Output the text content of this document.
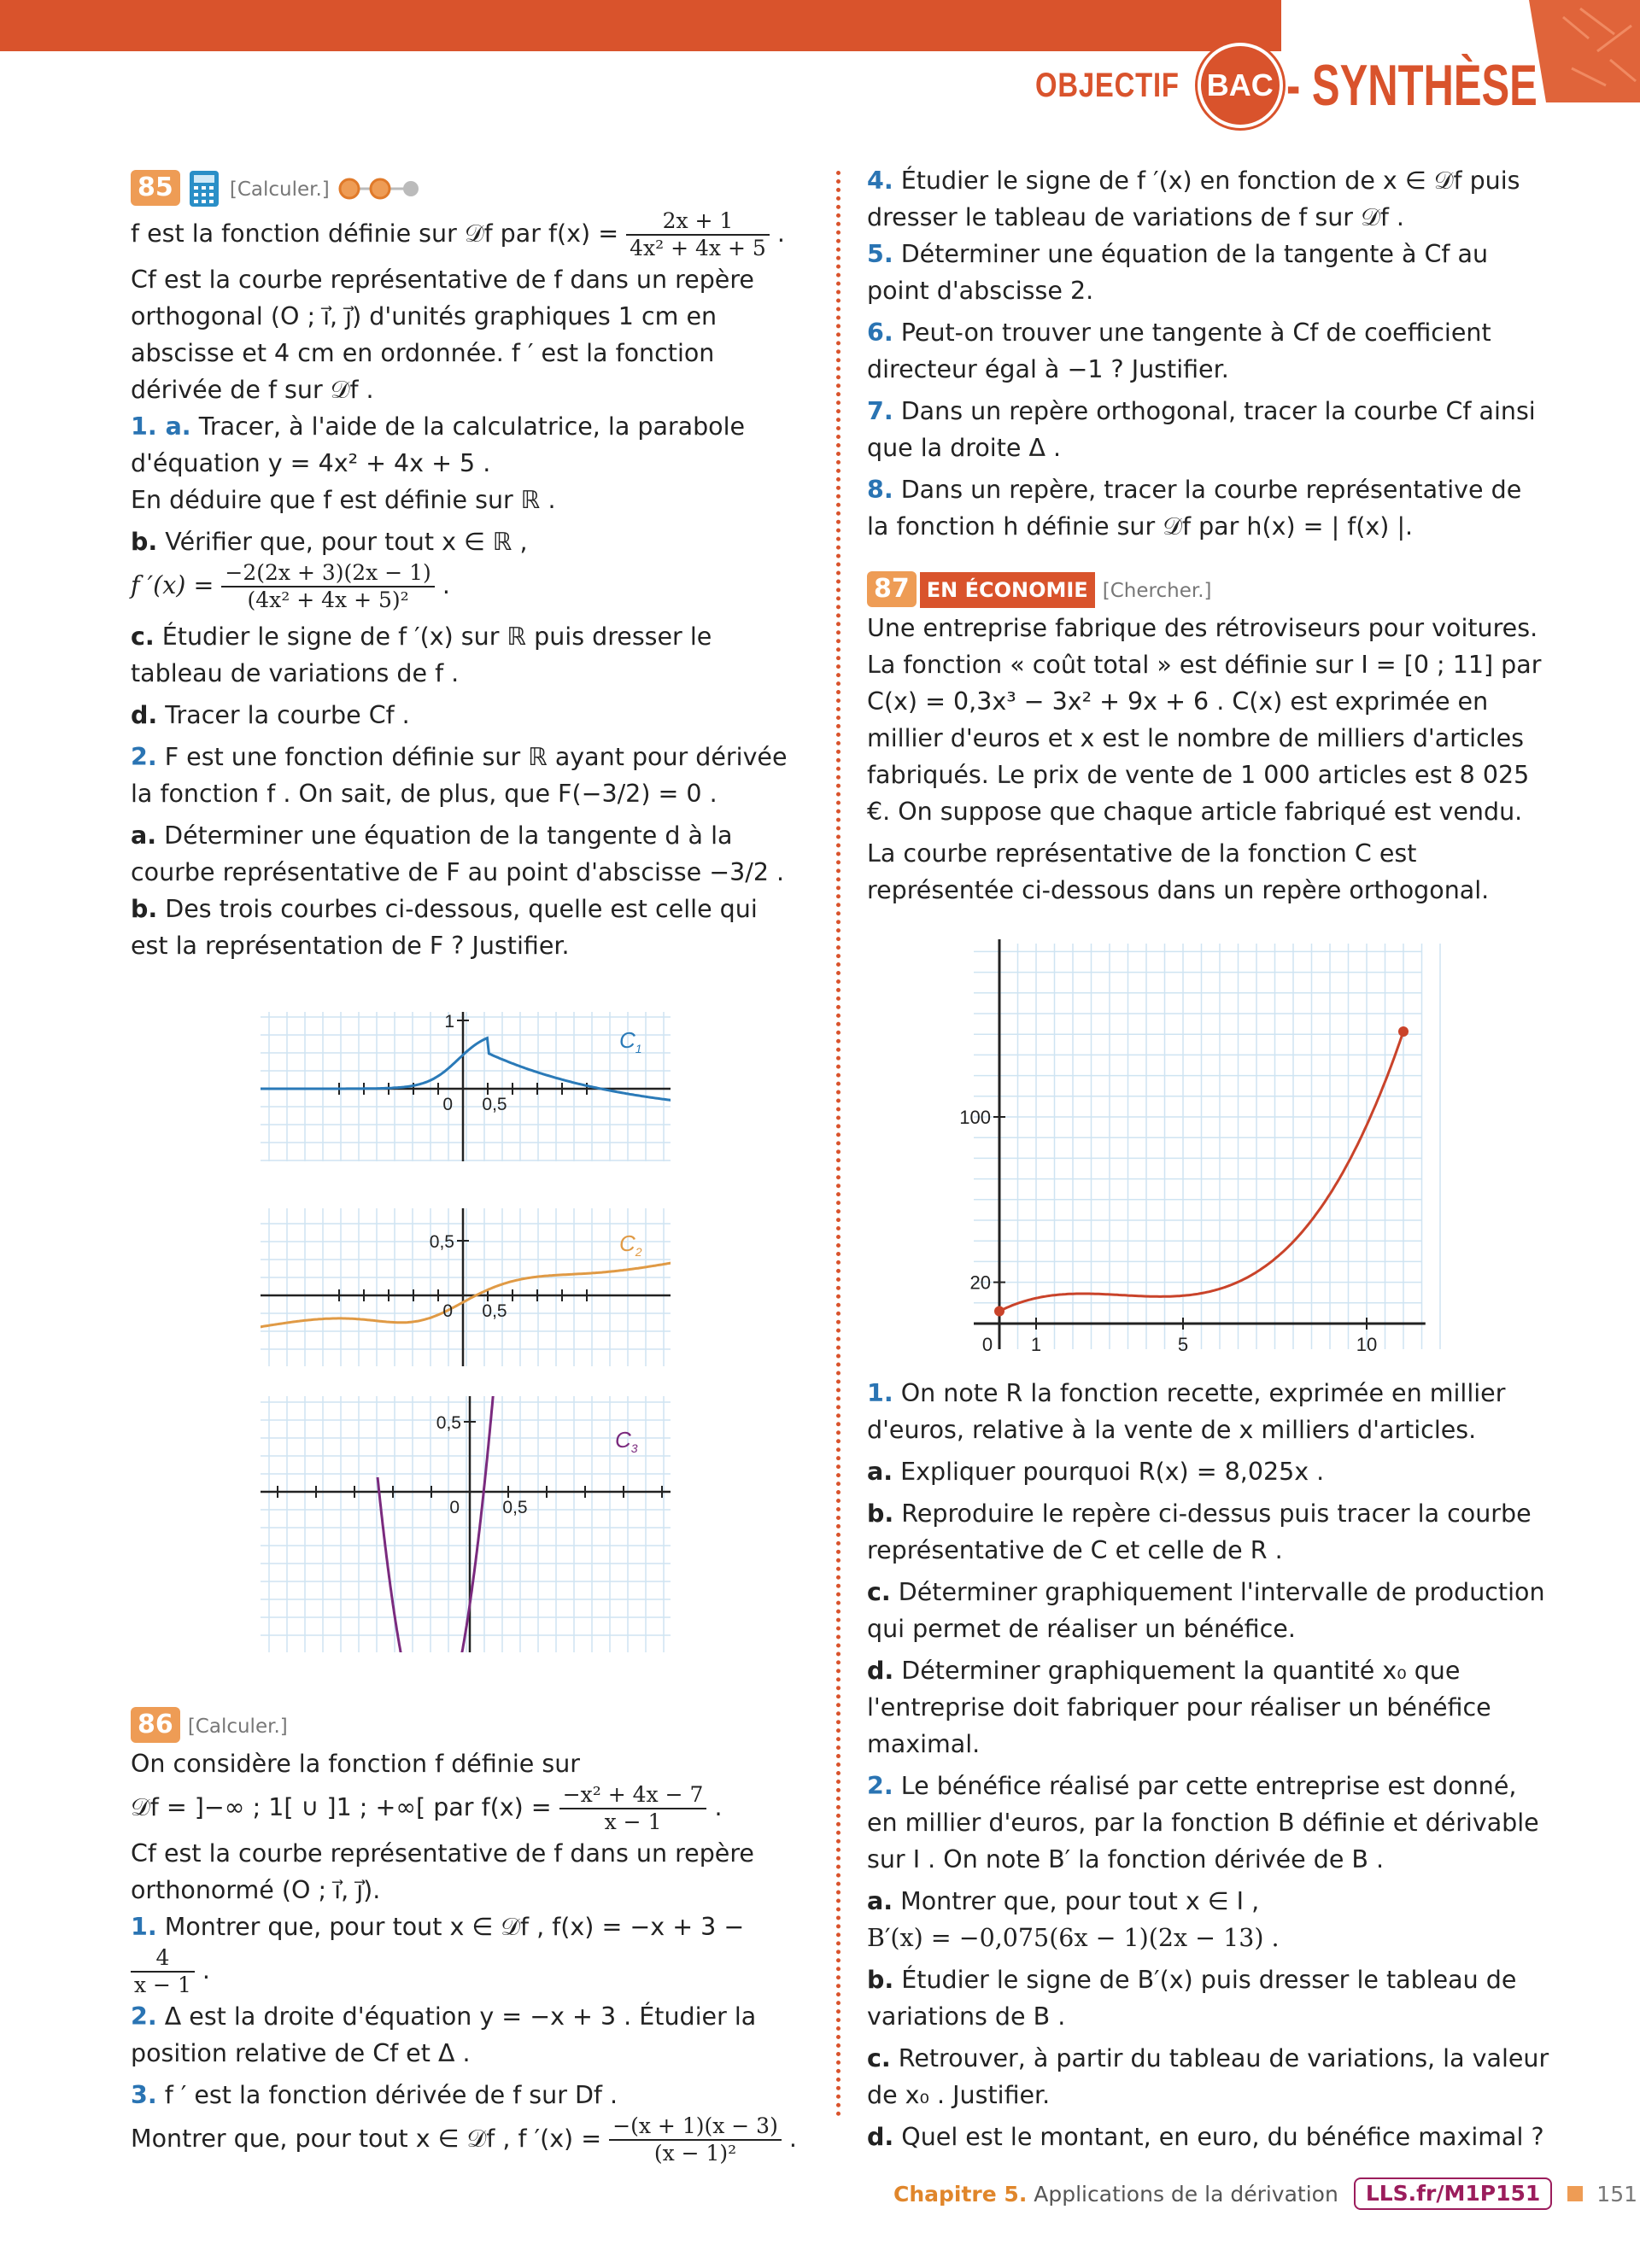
OBJECTIF BAC - SYNTHÈSE

85	[Calculer.]

f est la fonction définie sur 𝒟f par $f(x) = \frac{2x + 1}{\text{4x² + 4x + 5}}$ .

Cf est la courbe représentative de f dans un repère orthogonal (O ; i⃗, j⃗) d'unités graphiques 1 cm en abscisse et 4 cm en ordonnée. f ′ est la fonction dérivée de f sur 𝒟f .

1. a. Tracer, à l'aide de la calculatrice, la parabole d'équation y = 4x² + 4x + 5 .

En déduire que f est définie sur ℝ .

b. Vérifier que, pour tout x ∈ ℝ ,

f $'(x) = \frac{-2(2x + 3)(2x - 1)}{\text{(4x² + 4x + 5)²}}$ .

c. Étudier le signe de f ′(x) sur ℝ puis dresser le tableau de variations de f .

d. Tracer la courbe Cf .

2. F est une fonction définie sur ℝ ayant pour dérivée la fonction f . On sait, de plus, que F(−3/2) = 0 .

a. Déterminer une équation de la tangente d à la courbe représentative de F au point d'abscisse −3/2 .

b. Des trois courbes ci-dessous, quelle est celle qui est la représentation de F ? Justifier.

0 0,5
1
$C_1$
0 0,5
0,5	$C_2$
0 0,5
0,5
$C_3$

86 [Calculer.]

On considère la fonction f définie sur

𝒟f = ]−∞ ; 1[ ∪ ]1 ; +∞[ par $f(x) = \frac{\text{−x² + 4x − 7}}{x - 1}$ .

Cf est la courbe représentative de f dans un repère orthonormé (O ; i⃗, j⃗).

1. Montrer que, pour tout x ∈ 𝒟f , f(x) = −x + 3 −
$\frac{4}{x - 1}$ .

2. Δ est la droite d'équation y = −x + 3 . Étudier la position relative de Cf et Δ .

3. f ′ est la fonction dérivée de f sur Df .

Montrer que, pour tout x ∈ 𝒟f , f $'(x) = \frac{-(x + 1)(x - 3)}{\text{(x − 1)²}}$ .

4. Étudier le signe de f ′(x) en fonction de x ∈ 𝒟f puis dresser le tableau de variations de f sur 𝒟f .

5. Déterminer une équation de la tangente à Cf au point d'abscisse 2.

6. Peut-on trouver une tangente à Cf de coefficient directeur égal à −1 ? Justifier.

7. Dans un repère orthogonal, tracer la courbe Cf ainsi que la droite Δ .

8. Dans un repère, tracer la courbe représentative de la fonction h définie sur 𝒟f par h(x) = | f(x) |.

87 EN ÉCONOMIE [Chercher.]

Une entreprise fabrique des rétroviseurs pour voitures. La fonction « coût total » est définie sur I = [0 ; 11] par C(x) = 0,3x³ − 3x² + 9x + 6 . C(x) est exprimée en millier d'euros et x est le nombre de milliers d'articles fabriqués. Le prix de vente de 1 000 articles est 8 025 €. On suppose que chaque article fabriqué est vendu.

La courbe représentative de la fonction C est représentée ci-dessous dans un repère orthogonal.

0 1	5	10
20
100

1. On note R la fonction recette, exprimée en millier d'euros, relative à la vente de x milliers d'articles.

a. Expliquer pourquoi R(x) = 8,025x .

b. Reproduire le repère ci-dessus puis tracer la courbe représentative de C et celle de R .

c. Déterminer graphiquement l'intervalle de production qui permet de réaliser un bénéfice.

d. Déterminer graphiquement la quantité x₀ que l'entreprise doit fabriquer pour réaliser un bénéfice maximal.

2. Le bénéfice réalisé par cette entreprise est donné, en millier d'euros, par la fonction B définie et dérivable sur I . On note B′ la fonction dérivée de B .

a. Montrer que, pour tout x ∈ I ,

B′(x) = −0,075(6x − 1)(2x − 13) .

b. Étudier le signe de B′(x) puis dresser le tableau de variations de B .

c. Retrouver, à partir du tableau de variations, la valeur de x₀ . Justifier.

d. Quel est le montant, en euro, du bénéfice maximal ?

Chapitre 5.
Applications de la dérivation	LLS.fr/M1P151	151
